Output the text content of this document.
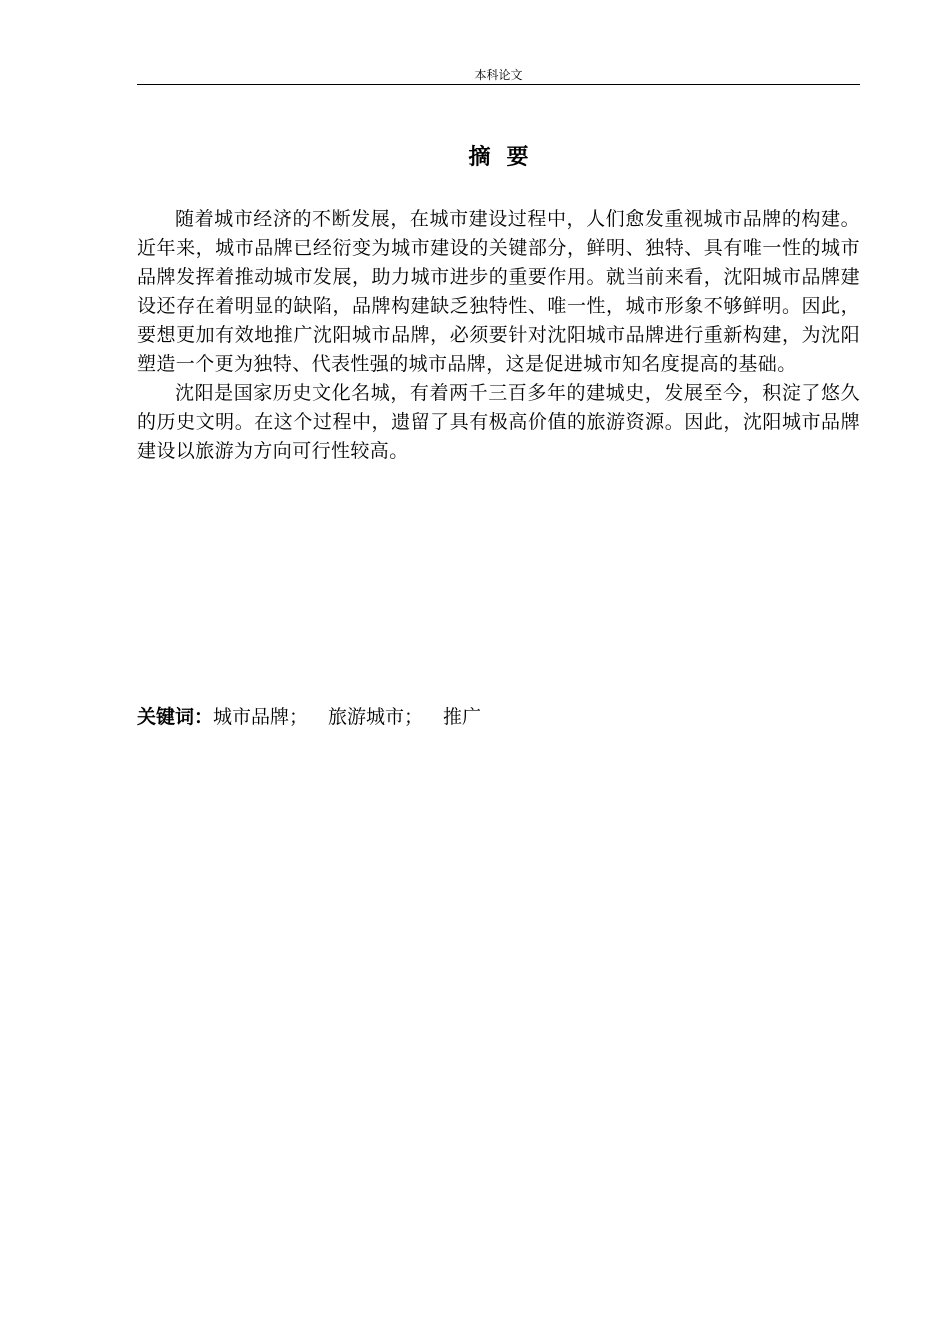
本科论文
摘要

随着城市经济的不断发展，在城市建设过程中，人们愈发重视城市品牌的构建。近年来，城市品牌已经衍变为城市建设的关键部分，鲜明、独特、具有唯一性的城市品牌发挥着推动城市发展，助力城市进步的重要作用。就当前来看，沈阳城市品牌建设还存在着明显的缺陷，品牌构建缺乏独特性、唯一性，城市形象不够鲜明。因此，要想更加有效地推广沈阳城市品牌，必须要针对沈阳城市品牌进行重新构建，为沈阳塑造一个更为独特、代表性强的城市品牌，这是促进城市知名度提高的基础。

沈阳是国家历史文化名城，有着两千三百多年的建城史，发展至今，积淀了悠久的历史文明。在这个过程中，遗留了具有极高价值的旅游资源。因此，沈阳城市品牌建设以旅游为方向可行性较高。

关键词：城市品牌； 旅游城市； 推广
